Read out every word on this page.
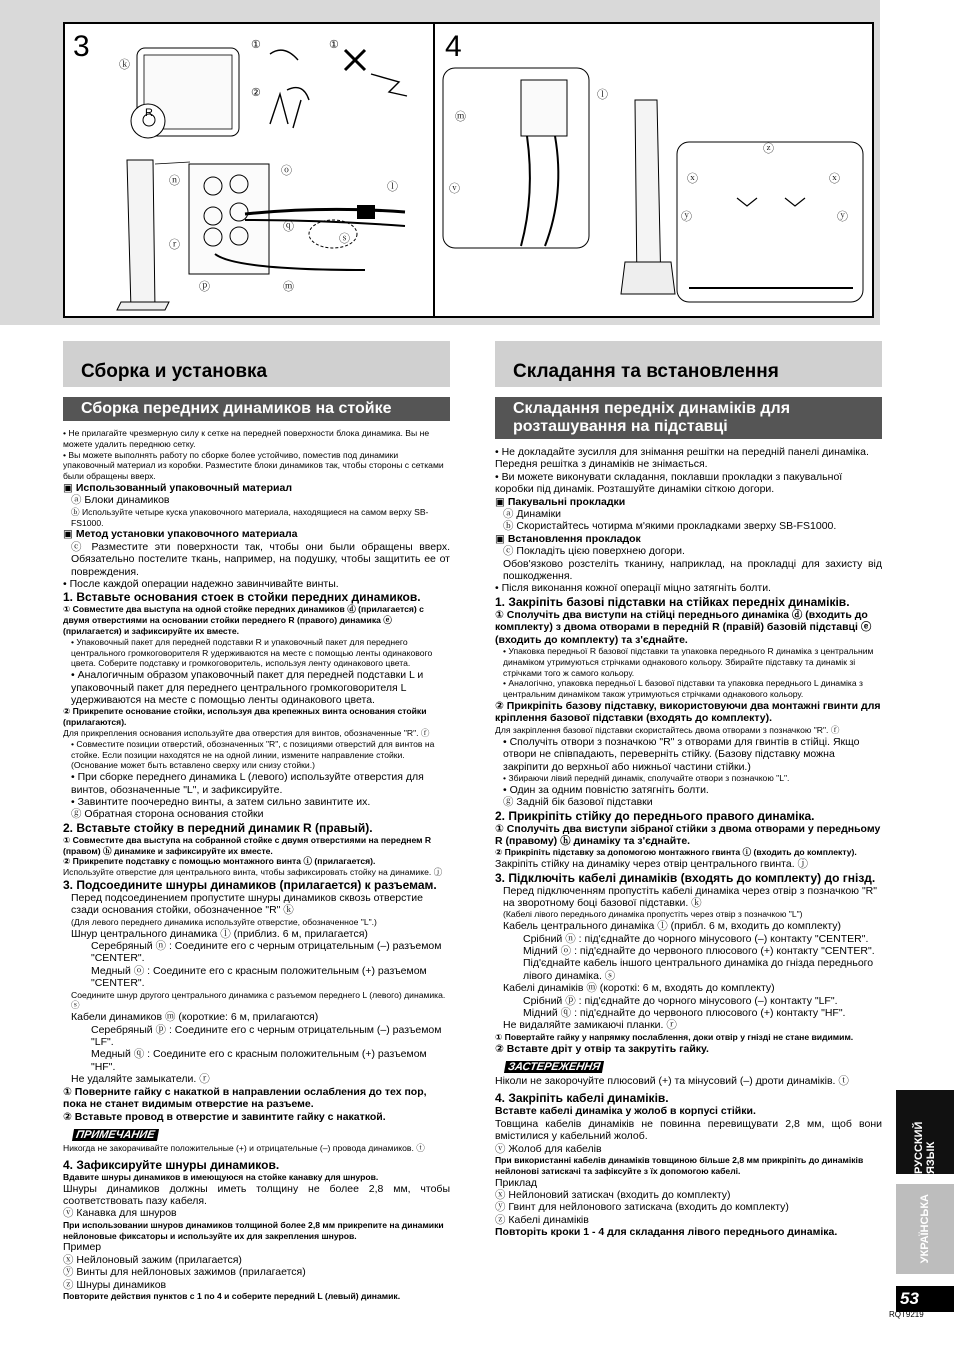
3	4
①	①
ⓚ
R
②
ⓞ
ⓝ	ⓛ
ⓠ
ⓢ
ⓡ
ⓟ	ⓜ
ⓜ
ⓛ
ⓥ
ⓩ
ⓧ	ⓧ
ⓨ	ⓨ
Сборка и установка
Сборка передних динамиков на стойке

• Не прилагайте чрезмерную силу к сетке на передней поверхности блока динамика. Вы не можете удалить переднюю сетку.

• Вы можете выполнять работу по сборке более устойчиво, поместив под динамики упаковочный материал из коробки. Разместите блоки динамиков так, чтобы стороны с сетками были обращены вверх.

▣ Использованный упаковочный материал

ⓐ Блоки динамиков

ⓑ Используйте четыре куска упаковочного материала, находящиеся на самом верху SB-FS1000.

▣ Метод установки упаковочного материала

ⓒ Разместите эти поверхности так, чтобы они были обращены вверх. Обязательно постелите ткань, например, на подушку, чтобы защитить ее от повреждения.

• После каждой операции надежно завинчивайте винты.

1. Вставьте основания стоек в стойки передних динамиков.

① Совместите два выступа на одной стойке передних динамиков ⓓ (прилагается) с двумя отверстиями на основании стойки переднего R (правого) динамика ⓔ (прилагается) и зафиксируйте их вместе.

• Упаковочный пакет для передней подставки R и упаковочный пакет для переднего центрального громкоговорителя R удерживаются на месте с помощью ленты одинакового цвета. Соберите подставку и громкоговоритель, используя ленту одинакового цвета.

• Аналогичным образом упаковочный пакет для передней подставки L и упаковочный пакет для переднего центрального громкоговорителя L удерживаются на месте с помощью ленты одинакового цвета.

② Прикрепите основание стойки, используя два крепежных винта основания стойки (прилагаются).

Для прикрепления основания используйте два отверстия для винтов, обозначенные "R". ⓕ

• Совместите позиции отверстий, обозначенных "R", с позициями отверстий для винтов на стойке. Если позиции находятся не на одной линии, измените направление стойки. (Основание может быть вставлено сверху или снизу стойки.)

• При сборке переднего динамика L (левого) используйте отверстия для винтов, обозначенные "L", и зафиксируйте.

• Завинтите поочередно винты, а затем сильно завинтите их.

ⓖ Обратная сторона основания стойки

2. Вставьте стойку в передний динамик R (правый).

① Совместите два выступа на собранной стойке с двумя отверстиями на переднем R (правом) ⓗ динамике и зафиксируйте их вместе.

② Прикрепите подставку с помощью монтажного винта ⓘ (прилагается).

Используйте отверстие для центрального винта, чтобы зафиксировать стойку на динамике. ⓙ

3. Подсоедините шнуры динамиков (прилагается) к разъемам.

Перед подсоединением пропустите шнуры динамиков сквозь отверстие сзади основания стойки, обозначенное "R" ⓚ

(Для левого переднего динамика используйте отверстие, обозначенное "L".)

Шнур центрального динамика ⓛ (приблиз. 6 м, прилагается)

Серебряный ⓝ : Соедините его с черным отрицательным (–) разъемом "CENTER".

Медный ⓞ : Соедините его с красным положительным (+) разъемом "CENTER".

Соедините шнур другого центрального динамика с разъемом переднего L (левого) динамика. ⓢ

Кабели динамиков ⓜ (короткие: 6 м, прилагаются)

Серебряный ⓟ : Соедините его с черным отрицательным (–) разъемом "LF".

Медный ⓠ : Соедините его с красным положительным (+) разъемом "HF".

Не удаляйте замыкатели. ⓡ

① Поверните гайку с накаткой в направлении ослабления до тех пор, пока не станет видимым отверстие на разъеме.

② Вставьте провод в отверстие и завинтите гайку с накаткой.

ПРИМЕЧАНИЕ
Никогда не закорачивайте положительные (+) и отрицательные (–) провода динамиков. ⓣ

4. Зафиксируйте шнуры динамиков.

Вдавите шнуры динамиков в имеющуюся на стойке канавку для шнуров.

Шнуры динамиков должны иметь толщину не более 2,8 мм, чтобы соответствовать пазу кабеля.

ⓥ Канавка для шнуров

При использовании шнуров динамиков толщиной более 2,8 мм прикрепите на динамики нейлоновые фиксаторы и используйте их для закрепления шнуров.

Пример

ⓧ Нейлоновый зажим (прилагается)

ⓨ Винты для нейлоновых зажимов (прилагается)

ⓩ Шнуры динамиков

Повторите действия пунктов с 1 по 4 и соберите передний L (левый) динамик.

Складання та встановлення
Складання передніх динаміків для розташування на підставці

• Не докладайте зусилля для знімання решітки на передній панелі динаміка. Передня решітка з динаміків не знімається.

• Ви можете виконувати складання, поклавши прокладки з пакувальної коробки під динамік. Розташуйте динаміки сіткою догори.

▣ Пакувальні прокладки

ⓐ Динаміки

ⓑ Скористайтесь чотирма м'якими прокладками зверху SB-FS1000.

▣ Встановлення прокладок

ⓒ Покладіть цією поверхнею догори.

Обов'язково розстеліть тканину, наприклад, на прокладці для захисту від пошкодження.

• Після виконання кожної операції міцно затягніть болти.

1. Закріпіть базові підставки на стійках передніх динаміків.

① Сполучіть два виступи на стійці переднього динаміка ⓓ (входить до комплекту) з двома отворами в передній R (правій) базовій підставці ⓔ (входить до комплекту) та з'єднайте.

• Упаковка передньої R базової підставки та упаковка переднього R динаміка з центральним динаміком утримуються стрічками однакового кольору. Збирайте підставку та динамік зі стрічками того ж самого кольору.

• Аналогічно, упаковка передньої L базової підставки та упаковка переднього L динаміка з центральним динаміком також утримуються стрічками однакового кольору.

② Прикріпіть базову підставку, використовуючи два монтажні гвинти для кріплення базової підставки (входять до комплекту).

Для закріплення базової підставки скористайтесь двома отворами з позначкою "R". ⓕ

• Сполучіть отвори з позначкою "R" з отворами для гвинтів в стійці. Якщо отвори не співпадають, переверніть стійку. (Базову підставку можна закріпити до верхньої або нижньої частини стійки.)

• Збираючи лівий передній динамік, сполучайте отвори з позначкою "L".

• Один за одним повністю затягніть болти.

ⓖ Задній бік базової підставки

2. Прикріпіть стійку до переднього правого динаміка.

① Сполучіть два виступи зібраної стійки з двома отворами у передньому R (правому) ⓗ динаміку та з'єднайте.

② Прикріпіть підставку за допомогою монтажного гвинта ⓘ (входить до комплекту).

Закріпіть стійку на динаміку через отвір центрального гвинта. ⓙ

3. Підключіть кабелі динаміків (входять до комплекту) до гнізд.

Перед підключенням пропустіть кабелі динаміка через отвір з позначкою "R" на зворотному боці базової підставки. ⓚ

(Кабелі лівого переднього динаміка пропустіть через отвір з позначкою "L")

Кабель центрального динаміка ⓛ (прибл. 6 м, входить до комплекту)

Срібний ⓝ : під'єднайте до чорного мінусового (–) контакту "CENTER".

Мідний ⓞ : під'єднайте до червоного плюсового (+) контакту "CENTER".

Під'єднайте кабель іншого центрального динаміка до гнізда переднього лівого динаміка. ⓢ

Кабелі динаміків ⓜ (короткі: 6 м, входять до комплекту)

Срібний ⓟ : під'єднайте до чорного мінусового (–) контакту "LF".

Мідний ⓠ : під'єднайте до червоного плюсового (+) контакту "HF".

Не видаляйте замикаючі планки. ⓡ

① Повертайте гайку у напрямку послаблення, доки отвір у гнізді не стане видимим.

② Вставте дріт у отвір та закрутіть гайку.

ЗАСТЕРЕЖЕННЯ
Ніколи не закорочуйте плюсовий (+) та мінусовий (–) дроти динаміків. ⓣ

4. Закріпіть кабелі динаміків.

Вставте кабелі динаміка у жолоб в корпусі стійки.

Товщина кабелів динаміків не повинна перевищувати 2,8 мм, щоб вони вмістилися у кабельний жолоб.

ⓥ Жолоб для кабелів

При використанні кабелів динаміків товщиною більше 2,8 мм прикріпіть до динаміків нейлонові затискачі та зафіксуйте з їх допомогою кабелі.

Приклад

ⓧ Нейлоновий затискач (входить до комплекту)

ⓨ Гвинт для нейлонового затискача (входить до комплекту)

ⓩ Кабелі динаміків

Повторіть кроки 1 - 4 для складання лівого переднього динаміка.

РУССКИЙ ЯЗЫК
УКРАЇНСЬКА
53
RQT9219
